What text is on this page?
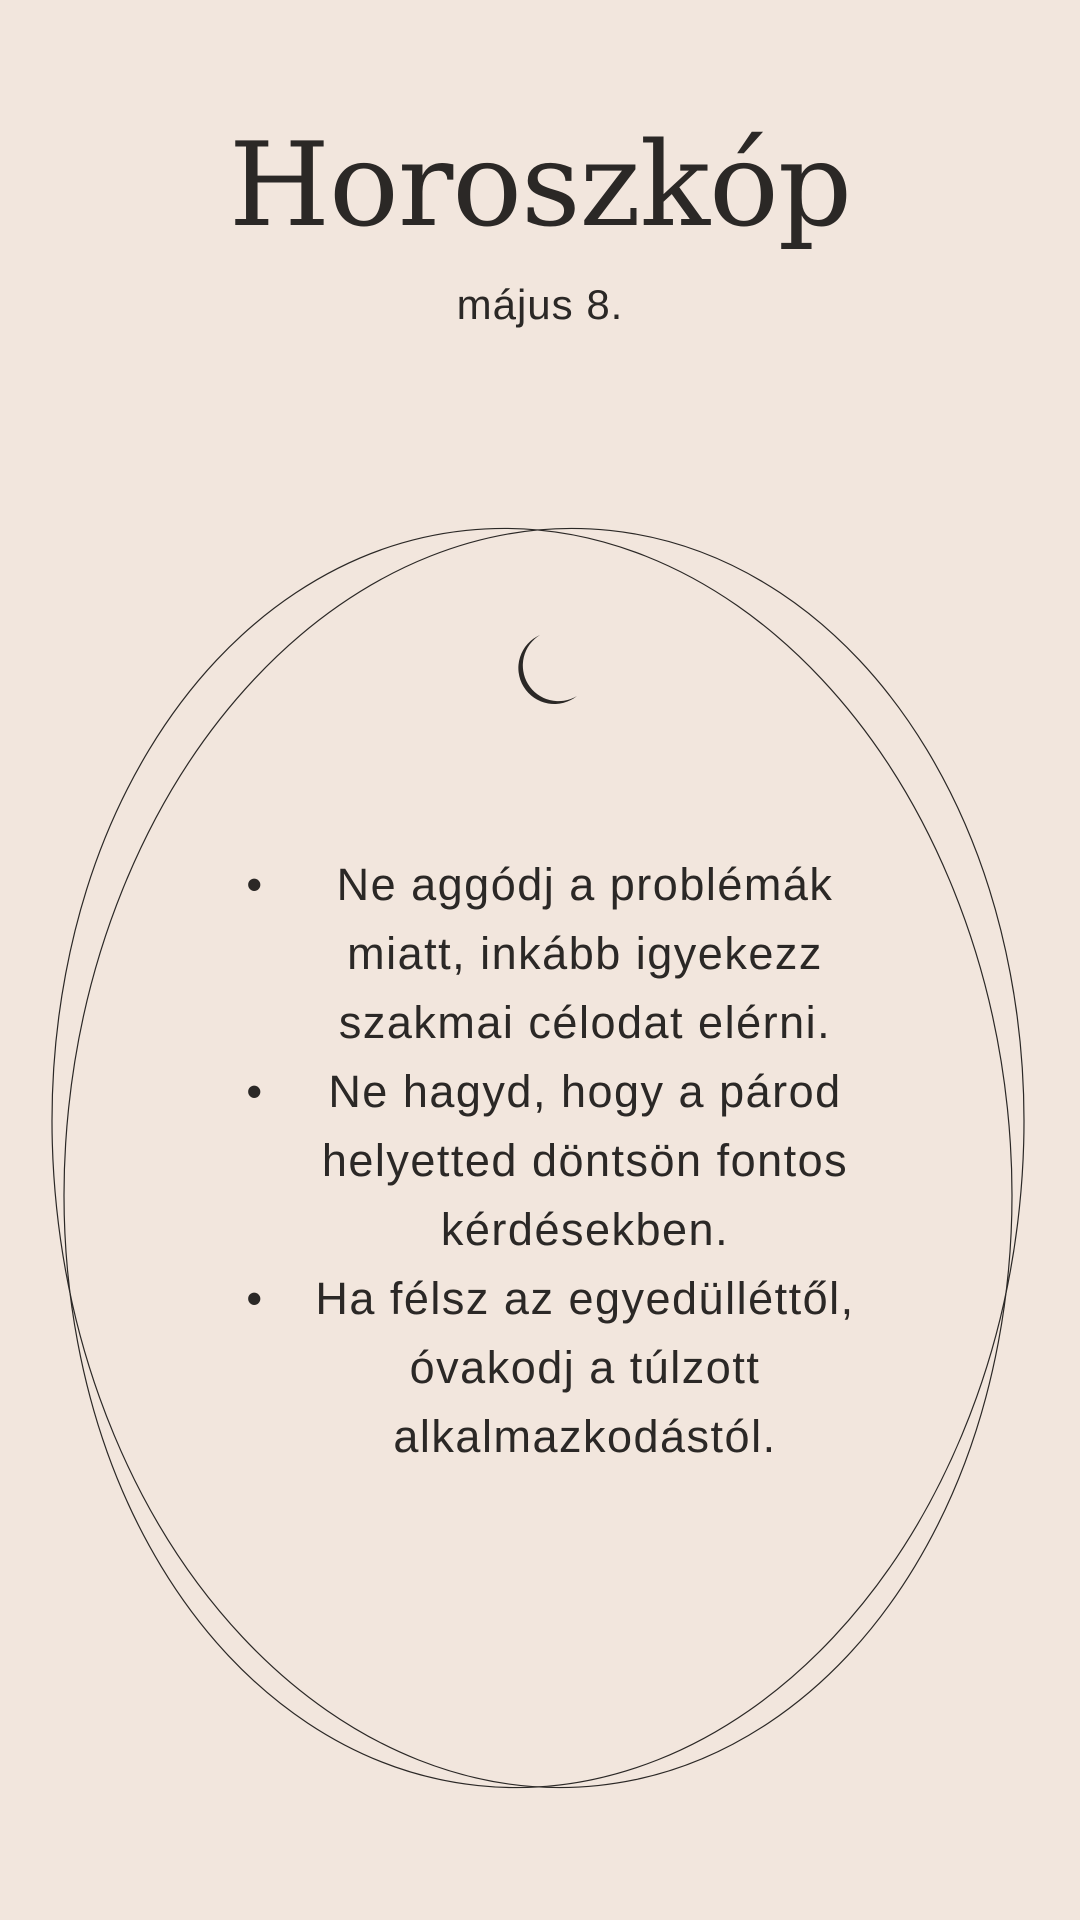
Horoszkóp
május 8.
• Ne aggódj a problémák miatt, inkább igyekezz szakmai célodat elérni.
• Ne hagyd, hogy a párod helyetted döntsön fontos kérdésekben.
• Ha félsz az egyedülléttől, óvakodj a túlzott alkalmazkodástól.
